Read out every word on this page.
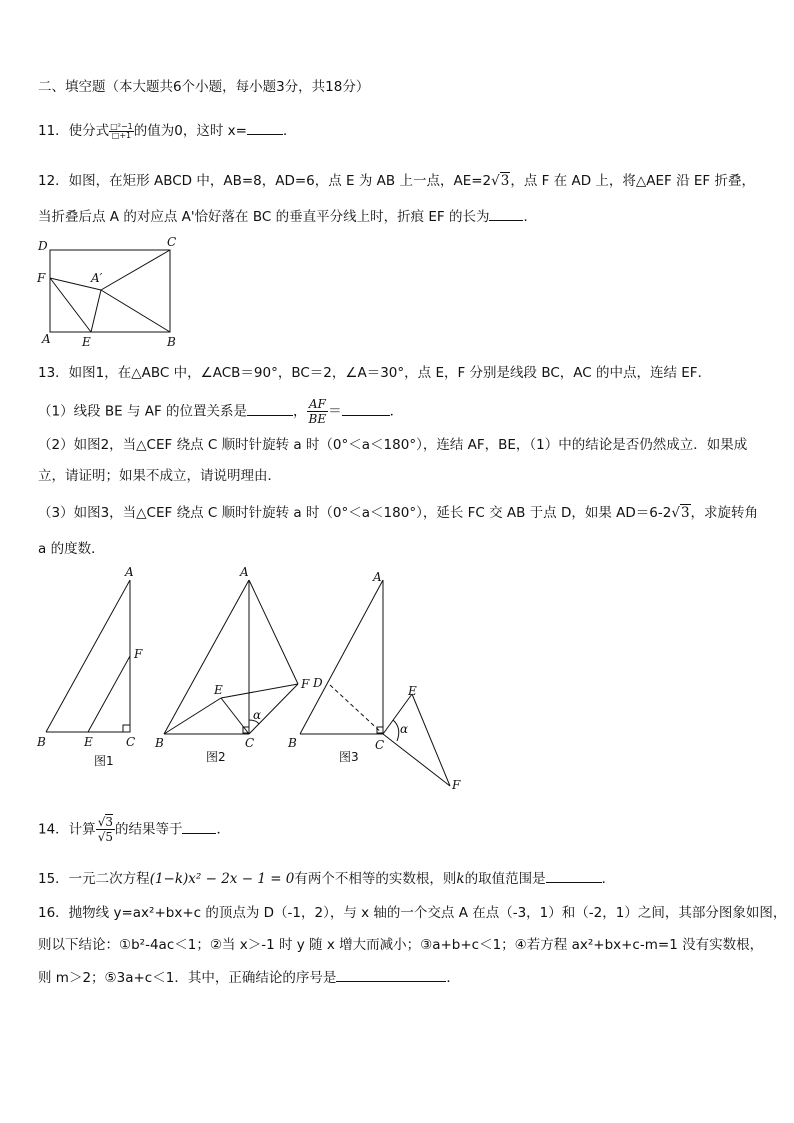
二、填空题（本大题共6个小题，每小题3分，共18分）
11．使分式 $\frac{\text{□²−1}}{□+1}$ 的值为0，这时 x=	．
12．如图，在矩形 ABCD 中，AB=8，AD=6，点 E 为 AB 上一点，AE=2√3，点 F 在 AD 上，将△AEF 沿 EF 折叠，
当折叠后点 A 的对应点 A'恰好落在 BC 的垂直平分线上时，折痕 EF 的长为	．
D	C
F	A′
A	E	B
13．如图1，在△ABC 中，∠ACB＝90°，BC＝2，∠A＝30°，点 E，F 分别是线段 BC，AC 的中点，连结 EF．
（1）线段 BE 与 AF 的位置关系是	， $\frac{AF}{BE}$ ＝	．
（2）如图2，当△CEF 绕点 C 顺时针旋转 a 时（0°＜a＜180°），连结 AF，BE，（1）中的结论是否仍然成立．如果成
立，请证明；如果不成立，请说明理由．
（3）如图3，当△CEF 绕点 C 顺时针旋转 a 时（0°＜a＜180°），延长 FC 交 AB 于点 D，如果 AD＝6-2√3，求旋转角
a 的度数．
A
F
B	E	C
图1
A
E	F
α
B	C
图2
A
D
E
α
B	C
F
图3
14．计算 $\frac{√3}{√5}$ 的结果等于	．
15．一元二次方程(1−k)x² − 2x − 1 = 0有两个不相等的实数根，则k的取值范围是	．
16．抛物线 y=ax²+bx+c 的顶点为 D（-1，2），与 x 轴的一个交点 A 在点（-3，1）和（-2，1）之间，其部分图象如图，
则以下结论：①b²-4ac＜1；②当 x＞-1 时 y 随 x 增大而减小；③a+b+c＜1；④若方程 ax²+bx+c-m=1 没有实数根，
则 m＞2；⑤3a+c＜1．其中，正确结论的序号是	．
